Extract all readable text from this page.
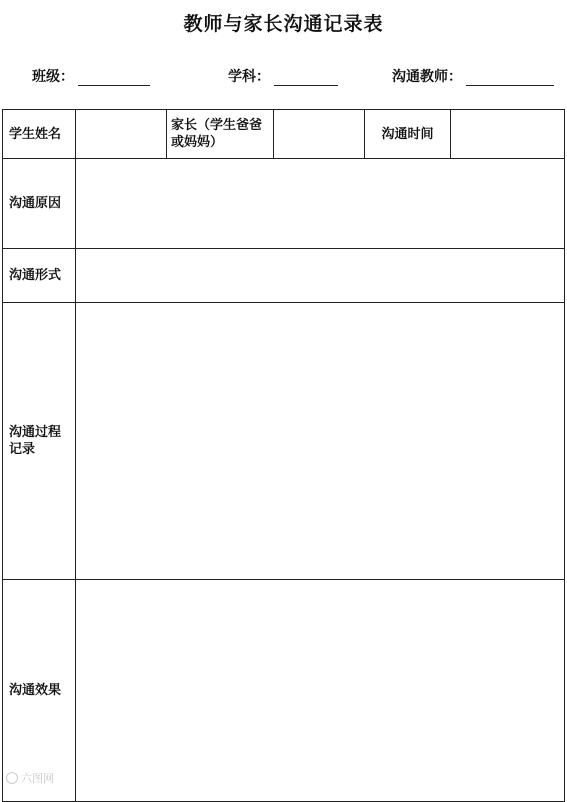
教师与家长沟通记录表
班级：	学科：	沟通教师：
学生姓名		家长（学生爸爸或妈妈）		沟通时间	
沟通原因					
沟通形式					
沟通过程记录					
沟通效果					
六图网
